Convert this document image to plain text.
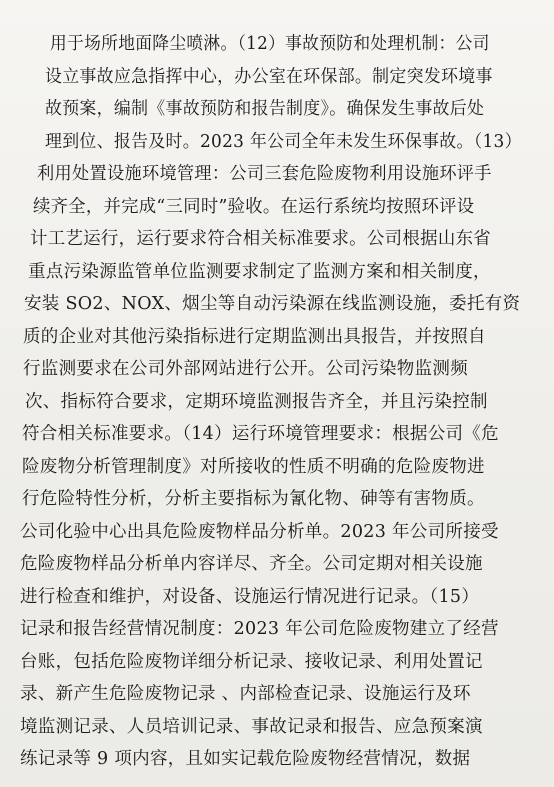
用于场所地面降尘喷淋。（12）事故预防和处理机制：公司
设立事故应急指挥中心，办公室在环保部。制定突发环境事
故预案，编制《事故预防和报告制度》。确保发生事故后处
理到位、报告及时。2023 年公司全年未发生环保事故。（13）
利用处置设施环境管理：公司三套危险废物利用设施环评手
续齐全，并完成“三同时”验收。在运行系统均按照环评设
计工艺运行，运行要求符合相关标准要求。公司根据山东省
重点污染源监管单位监测要求制定了监测方案和相关制度，
安装 SO2、NOX、烟尘等自动污染源在线监测设施，委托有资
质的企业对其他污染指标进行定期监测出具报告，并按照自
行监测要求在公司外部网站进行公开。公司污染物监测频
次、指标符合要求，定期环境监测报告齐全，并且污染控制
符合相关标准要求。（14）运行环境管理要求：根据公司《危
险废物分析管理制度》对所接收的性质不明确的危险废物进
行危险特性分析，分析主要指标为氰化物、砷等有害物质。
公司化验中心出具危险废物样品分析单。2023 年公司所接受
危险废物样品分析单内容详尽、齐全。公司定期对相关设施
进行检查和维护，对设备、设施运行情况进行记录。（15）
记录和报告经营情况制度：2023 年公司危险废物建立了经营
台账，包括危险废物详细分析记录、接收记录、利用处置记
录、新产生危险废物记录 、内部检查记录、设施运行及环
境监测记录、人员培训记录、事故记录和报告、应急预案演
练记录等 9 项内容，且如实记载危险废物经营情况，数据
